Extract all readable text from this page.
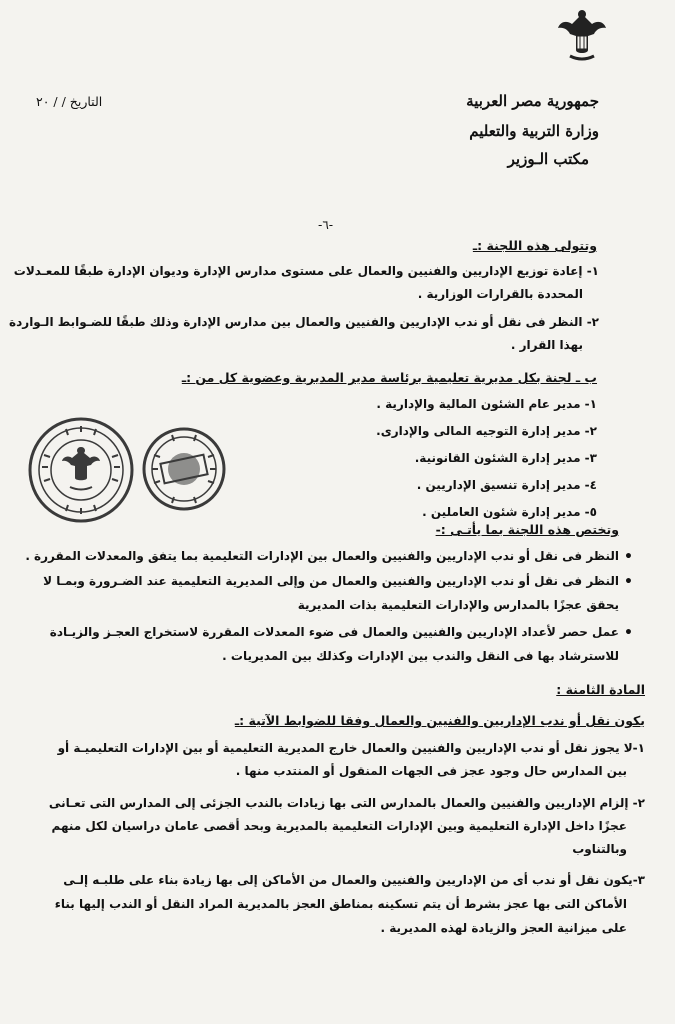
جمهورية مصر العربية
وزارة التربية والتعليم
مكتب الـوزير
التاريخ / / ٢٠
-٦-
وتتولى هذه اللجنة :ـ
١- إعادة توزيع الإداريين والفنيين والعمال على مستوى مدارس الإدارة وديوان الإدارة طبقًا للمعـدلات
المحددة بالقرارات الوزارية .
٢- النظر فى نقل أو ندب الإداريين والفنيين والعمال بين مدارس الإدارة وذلك طبقًا للضـوابط الـواردة
بهذا القرار .
ب ـ لجنة بكل مديرية تعليمية برئاسة مدير المديرية وعضوية كل من :ـ
١- مدير عام الشئون المالية والإدارية .
٢- مدير إدارة التوجيه المالى والإدارى.
٣- مدير إدارة الشئون القانونية.
٤- مدير إدارة تنسيق الإداريين .
٥- مدير إدارة شئون العاملين .
وتختص هذه اللجنة بما يأتـى :-
• النظر فى نقل أو ندب الإداريين والفنيين والعمال بين الإدارات التعليمية بما يتفق والمعدلات المقررة .
• النظر فى نقل أو ندب الإداريين والفنيين والعمال من وإلى المديرية التعليمية عند الضـرورة وبمـا لا
يحقق عجزًا بالمدارس والإدارات التعليمية بذات المديرية
• عمل حصر لأعداد الإداريين والفنيين والعمال فى ضوء المعدلات المقررة لاستخراج العجـز والزيـادة
للاسترشاد بها فى النقل والندب بين الإدارات وكذلك بين المديريات .
المادة الثامنة :
يكون نقل أو ندب الإداريين والفنيين والعمال وفقا للضوابط الآتية :ـ
١-لا يجوز نقل أو ندب الإداريين والفنيين والعمال خارج المديرية التعليمية أو بين الإدارات التعليميـة أو
بين المدارس حال وجود عجز فى الجهات المنقول أو المنتدب منها .
٢- إلزام الإداريين والفنيين والعمال بالمدارس التى بها زيادات بالندب الجزئى إلى المدارس التى تعـانى
عجزًا داخل الإدارة التعليمية وبين الإدارات التعليمية بالمديرية وبحد أقصى عامان دراسيان لكل منهم
وبالتناوب
٣-يكون نقل أو ندب أى من الإداريين والفنيين والعمال من الأماكن إلى بها زيادة بناء على طلبـه إلـى
الأماكن التى بها عجز بشرط أن يتم تسكينه بمناطق العجز بالمديرية المراد النقل أو الندب إليها بناء
على ميزانية العجز والزيادة لهذه المديرية .
